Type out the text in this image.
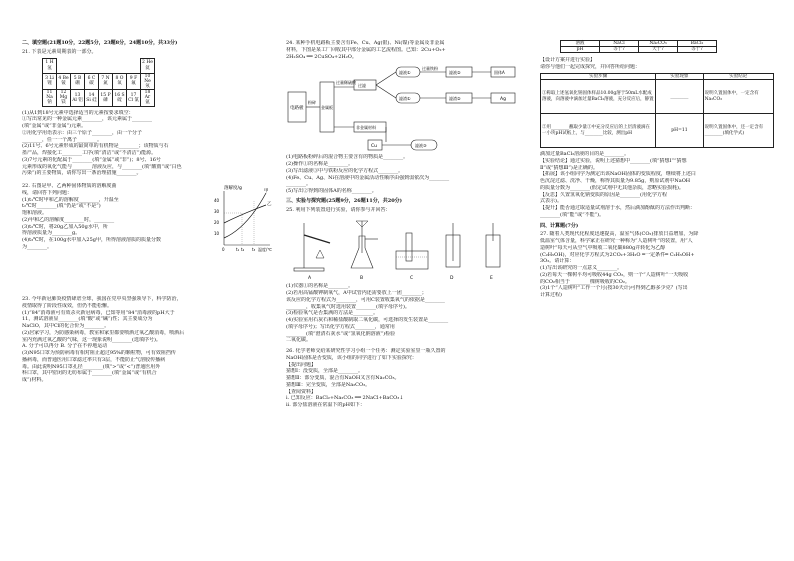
二、填空题(21题10分，22题5分，23题8分，24题10分，共33分)

21. 下表是元素周期表的一部分。

1 H 氢							2 He 氦
3 Li 锂	4 Be 铍	5 B 硼	6 C 碳	7 N 氮	8 O 氧	9 F 氟	10 Ne 氖
11 Na 钠	12 Mg 镁	13 Al 铝	14 Si 硅	15 P 磷	16 S 硫	17 Cl 氯	18 Ar 氩

(1)从1到18号元素中选择适当的元素按要求填空：

①写出常见的一种金属元素________，该元素属于________

(填“金属”或“非金属”)元素。

②用化学用语表示：由三个原子________，由一个分子

________，任一一个离子________。

(2)11号、6号元素形成的最简单的有机物是________；该物质与石

墨产品，焊接化工________工序(填“清洁”或“不清洁”)能源。

(3)7号元素的化配属于________(填“金属”或“非”)；8号、16号

元素形成的氧化气能与________溶液反应，与________(填“酸雨”或“白色

污染”)的主要物质，请你写出一条治理措施________。

22. 右图是甲、乙两种固体物质的溶解度曲

线，请回答下列问题：

(1)t₁℃时甲和乙的溶解度________，升温至

t₂℃时________(填“仍是”或“不是”)

饱和溶液。

(2)甲和乙的溶解度________时，________

(3)t₂℃时，将20g乙加入50g水中，所

得溶液质量为________g。

(4)t₃℃时，在100g水中加入25g甲，所得溶液溶质的质量分数

为________。

溶解度/g
40
30
20
10
甲
乙
0	t₁ t₂ t₃ 温度/℃

23. 今年新冠肺炎疫情肆虐全球，我国在党中央坚强领导下，科学防治，

疫情取得了阶段性成效，但仍不能松懈。

(1)“84”消毒液可有效杀灭新冠病毒，已知等用“84”消毒液的pH大于

11，测试溶液显________(填“酸”或“碱”)性；其主要成分为

NaClO，其中Cl的化合价为________。

(2)居家学习，为防感染病毒，教室和家里都要喷洒过氧乙酸消毒，喷洒后

室内充满过氧乙酸的气味，这一现象说明________(选填序号)。

A. 分子可以再分 B. 分子在不停地运动

(3)N95口罩为预防病毒有相对阻止超过95%的颗粒物，可有效阻挡传

播病毒，而普通医用口罩滤过率只有3层，不能防止气溶胶传播病

毒。由此说明N95口罩孔径________(填“>”或“<”)普通医用外

科口罩，其中密闭的无纺布属于________(填“金属”或“有机合

成”)材料。

24. 某种手机电路板主要含有Fe、Cu、Ag(银)、Ni(镍)等金属及非金属

材料，下图是某工厂回收其中部分金属的工艺流程图。已知：2Cu+O₂+

2H₂SO₄ ══ 2CuSO₄+2H₂O。

电路板
粉碎
金属板
过量稀硫酸
非金属材料
过滤
滤液①
滤渣①
过量铁粉
滤液②
滤渣②	Ag
固体A
Cu	滤液③

(1)电路板粉碎后的混合物主要含有的物质是________。

(2)操作①的名称是________。

(3)写出滤液③中与铁粉反应的化学方程式________。

(4)Fe、Cu、Ag、Ni在溶液中的金属活动性顺序由强到弱依次为________

________。

(5)写出②得到的固体A的名称________。

三、实验与探究题(25题9分，26题11分，共20分)

25. 利用下列装置进行实验，请你参与并回答：

A	B	C	D	E

(1)仪器①的名称是________。

(2)若用高锰酸钾制氧气，A中试管内还需要放上一团________；

该反应的化学方程式为________，可用C装置收集氧气的依据是________

________，收集氧气时选用装置________(填字母序号)。

(3)检验氧气是否集满的方法是________。

(4)实验室用石灰石和稀盐酸制取二氧化碳，可选择的发生装置是________

(填字母序号)；写出化学方程式________，通常用

________(填“澄清石灰水”或“氢氧化钠溶液”)检验

二氧化碳。

26. 化学老师交给某研究性学习小组一个任务：测定实验室里一瓶久置的

NaOH固体是否变质，该小组的同学进行了如下实验探究：

【提出问题】

猜想Ⅰ：没变质，全部是________。

猜想Ⅱ：部分变质，混合有NaOH又含有Na₂CO₃。

猜想Ⅲ：完全变质，全部是Na₂CO₃。

【查阅资料】

ⅰ. 已知反应：BaCl₂+Na₂CO₃ ══ 2NaCl+BaCO₃↓

ⅱ. 部分盐溶液在常温下的pH如下：

溶液	NaCl	Na₂CO₃	BaCl₂
pH	等于7	大于7	等于7

【设计方案并进行实验】

请你与他们一起完成探究，并回答所给问题：

实验步骤	实验现象	实验结论
①称取上述氢氧化钠固体样品10.00g溶于50mL水配成溶液，向溶液中滴加过量BaCl₂溶液，充分反应后，静置	________	说明久置固体中，一定含有Na₂CO₃
②用________蘸取少量①中充分反应后的上层清液滴在一小块pH试纸上，与________比较，测出pH	pH=11	说明久置固体中，还一定含有________(填化学式)

滴加过量BaCl₂溶液的目的是________。

【实验结论】通过实验，说明上述猜想中________(填“猜想Ⅰ”“猜想

Ⅱ”或“猜想Ⅲ”)是正确的。

【拓展】该小组同学为测定出该NaOH固体的变质程度，继续将上述白

色沉淀过滤、洗净、干燥，称得其质量为9.85g，则原试剂中NaOH

的质量分数为________(假定试剂中无其他杂质，忽略实验损耗)。

【反思】久置氢氧化钠变质的原因是________(用化学方程

式表示)。

【提升】能否通过取适量试剂溶于水，然后滴加酚酞的方法作出判断：

________(填“能”或“不能”)。

四、计算题(7分)

27. 随着人类现代化程度迅速提高，温室气体(CO₂)排放日益增加，为降

低温室气体含量，科学家正在研究一种称为“人造树叶”的装置，用“人

造树叶”每天可从空气中吸收二氧化碳880g并转化为乙醇

(C₂H₅OH)，对应化学方程式为2CO₂+3H₂O ═一定条件═ C₂H₅OH+

3O₂。请计算：

(1)写出该研究的一点意义________。

(2)若每天一棵树平均可吸收44g CO₂，则一个“人造树叶”一天吸收

的CO₂相当于________棵树吸收的CO₂。

(3)1个“人造树叶”工作一个月(按30天计)可得到乙醇多少克？(写出

计算过程)
